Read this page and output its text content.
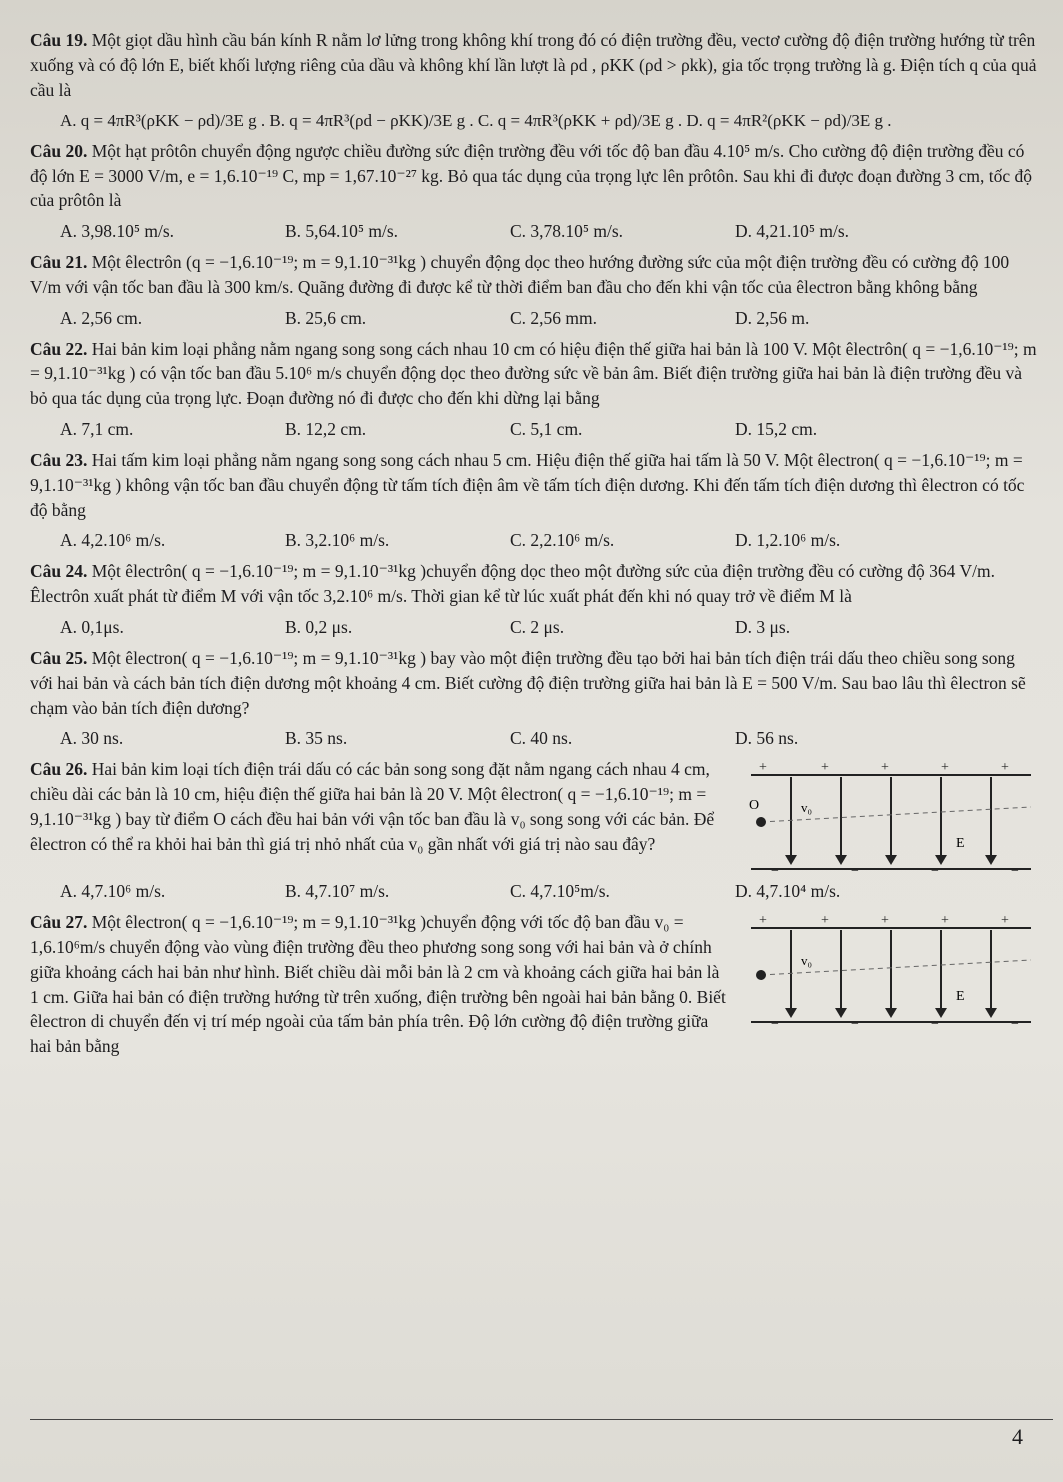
Câu 19. Một giọt dầu hình cầu bán kính R nằm lơ lửng trong không khí trong đó có điện trường đều, vectơ cường độ điện trường hướng từ trên xuống và có độ lớn E, biết khối lượng riêng của dầu và không khí lần lượt là ρd , ρKK (ρd > ρkk), gia tốc trọng trường là g. Điện tích q của quả cầu là
A. q = 4πR³(ρKK − ρd)/3E g . B. q = 4πR³(ρd − ρKK)/3E g . C. q = 4πR³(ρKK + ρd)/3E g . D. q = 4πR²(ρKK − ρd)/3E g .
Câu 20. Một hạt prôtôn chuyển động ngược chiều đường sức điện trường đều với tốc độ ban đầu 4.10⁵ m/s. Cho cường độ điện trường đều có độ lớn E = 3000 V/m, e = 1,6.10⁻¹⁹ C, mp = 1,67.10⁻²⁷ kg. Bỏ qua tác dụng của trọng lực lên prôtôn. Sau khi đi được đoạn đường 3 cm, tốc độ của prôtôn là
A. 3,98.10⁵ m/s.	B. 5,64.10⁵ m/s.	C. 3,78.10⁵ m/s.	D. 4,21.10⁵ m/s.
Câu 21. Một êlectrôn (q = −1,6.10⁻¹⁹; m = 9,1.10⁻³¹kg ) chuyển động dọc theo hướng đường sức của một điện trường đều có cường độ 100 V/m với vận tốc ban đầu là 300 km/s. Quãng đường đi được kể từ thời điểm ban đầu cho đến khi vận tốc của êlectron bằng không bằng
A. 2,56 cm.	B. 25,6 cm.	C. 2,56 mm.	D. 2,56 m.
Câu 22. Hai bản kim loại phẳng nằm ngang song song cách nhau 10 cm có hiệu điện thế giữa hai bản là 100 V. Một êlectrôn( q = −1,6.10⁻¹⁹; m = 9,1.10⁻³¹kg ) có vận tốc ban đầu 5.10⁶ m/s chuyển động dọc theo đường sức về bản âm. Biết điện trường giữa hai bản là điện trường đều và bỏ qua tác dụng của trọng lực. Đoạn đường nó đi được cho đến khi dừng lại bằng
A. 7,1 cm.	B. 12,2 cm.	C. 5,1 cm.	D. 15,2 cm.
Câu 23. Hai tấm kim loại phẳng nằm ngang song song cách nhau 5 cm. Hiệu điện thế giữa hai tấm là 50 V. Một êlectron( q = −1,6.10⁻¹⁹; m = 9,1.10⁻³¹kg ) không vận tốc ban đầu chuyển động từ tấm tích điện âm về tấm tích điện dương. Khi đến tấm tích điện dương thì êlectron có tốc độ bằng
A. 4,2.10⁶ m/s.	B. 3,2.10⁶ m/s.	C. 2,2.10⁶ m/s.	D. 1,2.10⁶ m/s.
Câu 24. Một êlectrôn( q = −1,6.10⁻¹⁹; m = 9,1.10⁻³¹kg )chuyển động dọc theo một đường sức của điện trường đều có cường độ 364 V/m. Êlectrôn xuất phát từ điểm M với vận tốc 3,2.10⁶ m/s. Thời gian kể từ lúc xuất phát đến khi nó quay trở về điểm M là
A. 0,1μs.	B. 0,2 μs.	C. 2 μs.	D. 3 μs.
Câu 25. Một êlectron( q = −1,6.10⁻¹⁹; m = 9,1.10⁻³¹kg ) bay vào một điện trường đều tạo bởi hai bản tích điện trái dấu theo chiều song song với hai bản và cách bản tích điện dương một khoảng 4 cm. Biết cường độ điện trường giữa hai bản là E = 500 V/m. Sau bao lâu thì êlectron sẽ chạm vào bản tích điện dương?
A. 30 ns.	B. 35 ns.	C. 40 ns.	D. 56 ns.
Câu 26. Hai bản kim loại tích điện trái dấu có các bản song song đặt nằm ngang cách nhau 4 cm, chiều dài các bản là 10 cm, hiệu điện thế giữa hai bản là 20 V. Một êlectron( q = −1,6.10⁻¹⁹; m = 9,1.10⁻³¹kg ) bay từ điểm O cách đều hai bản với vận tốc ban đầu là v₀ song song với các bản. Để êlectron có thể ra khỏi hai bản thì giá trị nhỏ nhất của v₀ gần nhất với giá trị nào sau đây?
+	+	+	+	+
−	−	−	−
O	v₀
E
A. 4,7.10⁶ m/s.	B. 4,7.10⁷ m/s.	C. 4,7.10⁵m/s.	D. 4,7.10⁴ m/s.
Câu 27. Một êlectron( q = −1,6.10⁻¹⁹; m = 9,1.10⁻³¹kg )chuyển động với tốc độ ban đầu v₀ = 1,6.10⁶m/s chuyển động vào vùng điện trường đều theo phương song song với hai bản và ở chính giữa khoảng cách hai bản như hình. Biết chiều dài mỗi bản là 2 cm và khoảng cách giữa hai bản là 1 cm. Giữa hai bản có điện trường hướng từ trên xuống, điện trường bên ngoài hai bản bằng 0. Biết êlectron di chuyển đến vị trí mép ngoài của tấm bản phía trên. Độ lớn cường độ điện trường giữa hai bản bằng
+	+	+	+	+
−	−	−	−
v₀
E
4
